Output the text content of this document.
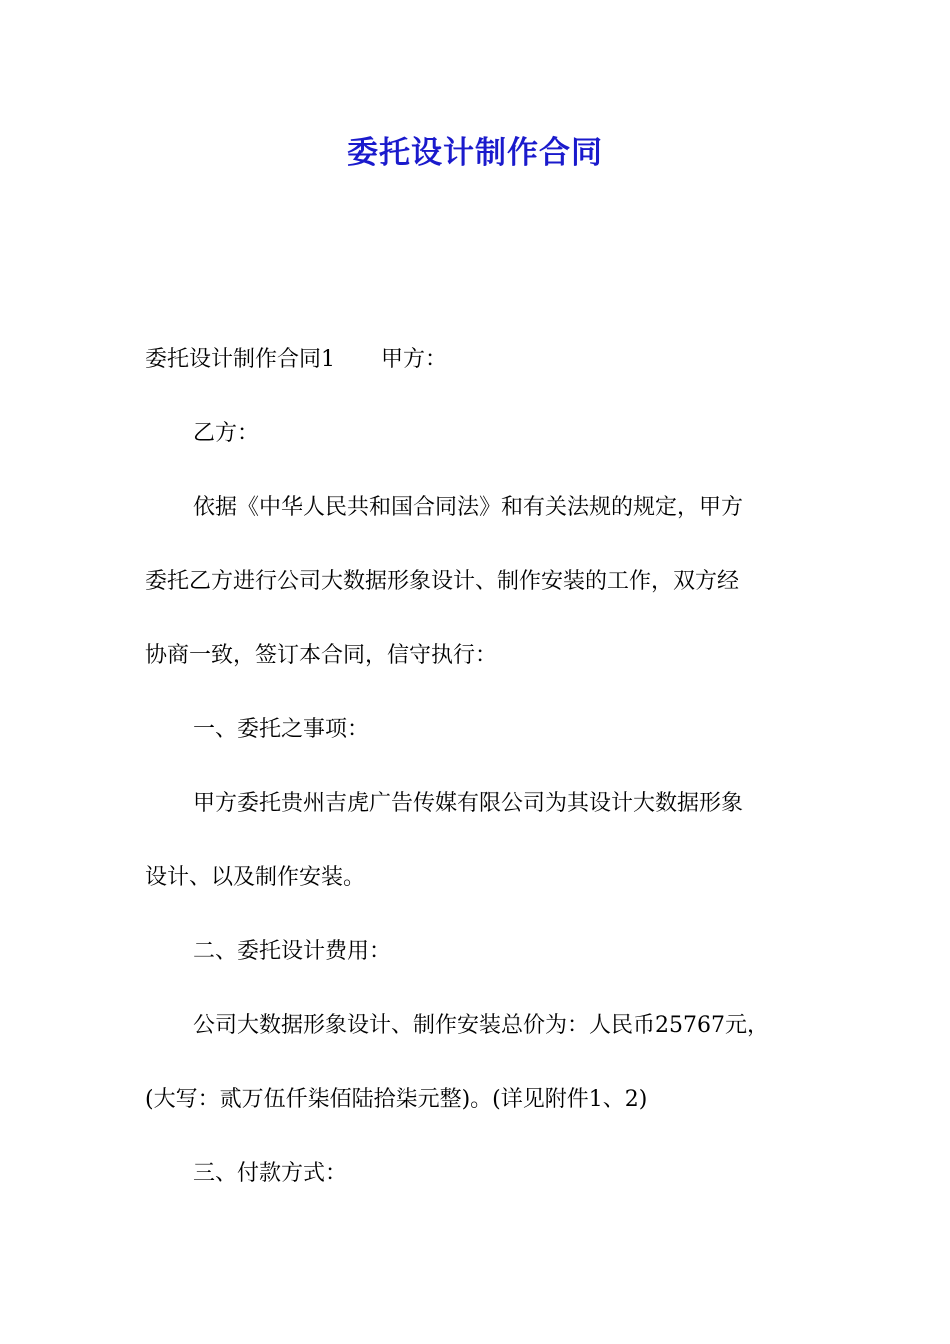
委托设计制作合同
委托设计制作合同1 甲方：
乙方：
依据《中华人民共和国合同法》和有关法规的规定，甲方
委托乙方进行公司大数据形象设计、制作安装的工作，双方经
协商一致，签订本合同，信守执行：
一、委托之事项：
甲方委托贵州吉虎广告传媒有限公司为其设计大数据形象
设计、以及制作安装。
二、委托设计费用：
公司大数据形象设计、制作安装总价为：人民币25767元，
(大写：贰万伍仟柒佰陆拾柒元整)。(详见附件1、2)
三、付款方式：
